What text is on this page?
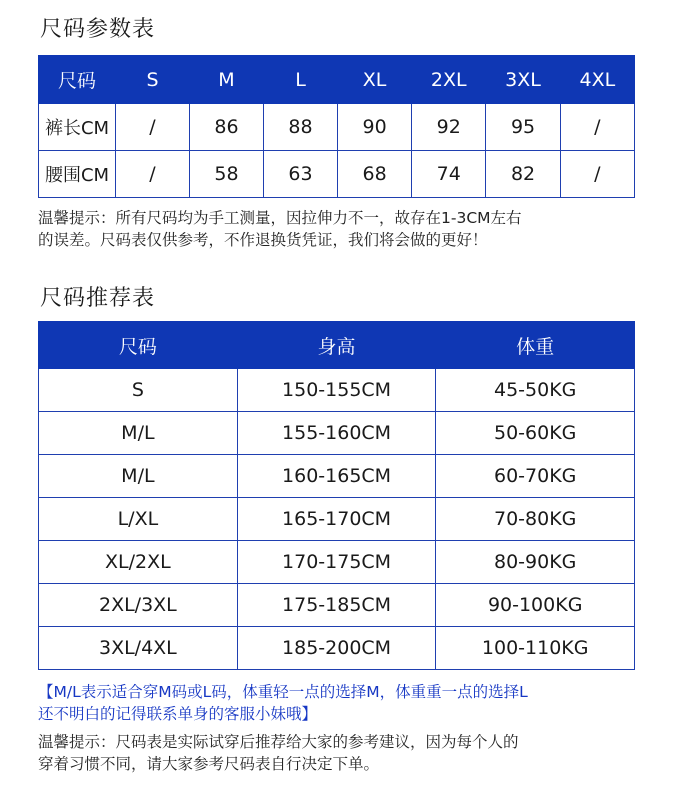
尺码参数表
尺码	S	M	L	XL	2XL	3XL	4XL
裤长CM	/	86	88	90	92	95	/
腰围CM	/	58	63	68	74	82	/
温馨提示：所有尺码均为手工测量，因拉伸力不一，故存在1-3CM左右
的误差。尺码表仅供参考，不作退换货凭证，我们将会做的更好！
尺码推荐表
尺码	身高	体重
S	150-155CM	45-50KG
M/L	155-160CM	50-60KG
M/L	160-165CM	60-70KG
L/XL	165-170CM	70-80KG
XL/2XL	170-175CM	80-90KG
2XL/3XL	175-185CM	90-100KG
3XL/4XL	185-200CM	100-110KG
【M/L表示适合穿M码或L码，体重轻一点的选择M，体重重一点的选择L
还不明白的记得联系单身的客服小妹哦】
温馨提示：尺码表是实际试穿后推荐给大家的参考建议，因为每个人的
穿着习惯不同，请大家参考尺码表自行决定下单。
